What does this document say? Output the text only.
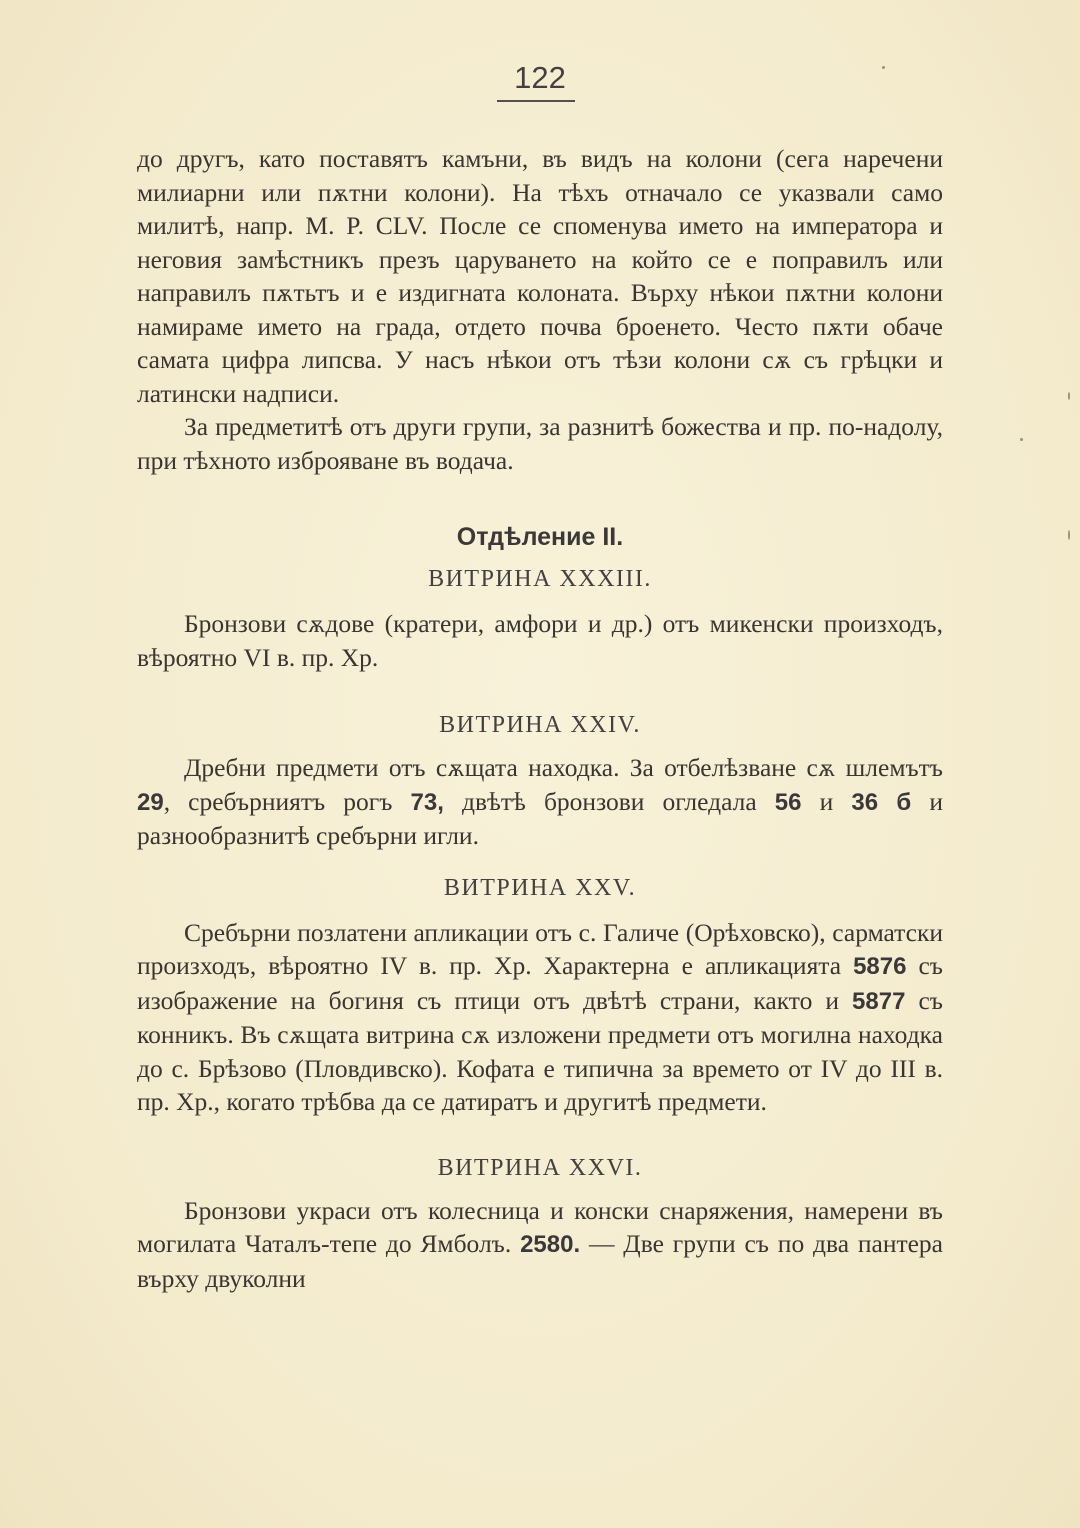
122

до другъ, като поставятъ камъни, въ видъ на колони (сега наречени милиарни или пѫтни колони). На тѣхъ отначало се указвали само милитѣ, напр. M. P. CLV. После се споменува името на императора и неговия замѣстникъ презъ царуването на който се е поправилъ или направилъ пѫтьтъ и е издигната колоната. Върху нѣкои пѫтни колони намираме името на града, отдето почва броенето. Често пѫти обаче самата цифра липсва. У насъ нѣкои отъ тѣзи колони сѫ съ грѣцки и латински надписи.

За предметитѣ отъ други групи, за разнитѣ божества и пр. по-надолу, при тѣхното изброяване въ водача.

Отдѣление II.
ВИТРИНА XXXIII.

Бронзови сѫдове (кратери, амфори и др.) отъ микенски произходъ, вѣроятно VI в. пр. Хр.

ВИТРИНА XXIV.

Дребни предмети отъ сѫщата находка. За отбелѣзване сѫ шлемътъ 29, сребърниятъ рогъ 73, двѣтѣ бронзови огледала 56 и 36 б и разнообразнитѣ сребърни игли.

ВИТРИНА XXV.

Сребърни позлатени апликации отъ с. Галиче (Орѣховско), сарматски произходъ, вѣроятно IV в. пр. Хр. Характерна е апликацията 5876 съ изображение на богиня съ птици отъ двѣтѣ страни, както и 5877 съ конникъ. Въ сѫщата витрина сѫ изложени предмети отъ могилна находка до с. Брѣзово (Пловдивско). Кофата е типична за времето от IV до III в. пр. Хр., когато трѣбва да се датиратъ и другитѣ предмети.

ВИТРИНА XXVI.

Бронзови украси отъ колесница и конски снаряжения, намерени въ могилата Чаталъ-тепе до Ямболъ. 2580. — Две групи съ по два пантера върху двуколни
